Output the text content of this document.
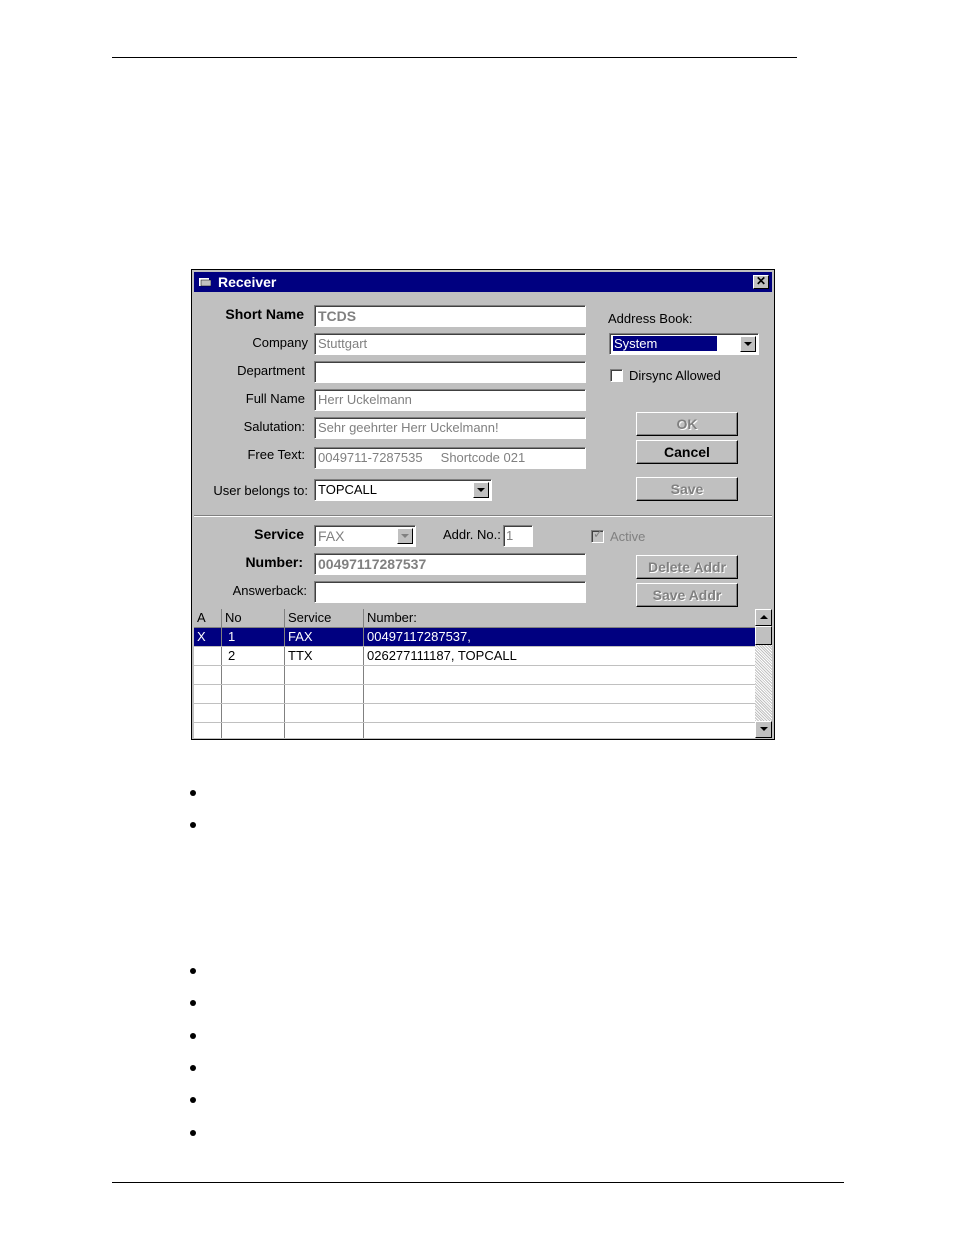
Receiver	✕
Short Name TCDS
Company Stuttgart
Department
Full Name	Herr Uckelmann
Salutation:	Sehr geehrter Herr Uckelmann!
Free Text:	0049711-7287535     Shortcode 021
User belongs to: TOPCALL
Address Book:
System
Dirsync Allowed
OK
Cancel
Save
Service FAX	Addr. No.: 1
✓	Active
Number: 00497117287537
Answerback:
Delete Addr
Save Addr
A	No	Service	Number:
X	1	FAX	00497117287537,
2	TTX	026277111187, TOPCALL
